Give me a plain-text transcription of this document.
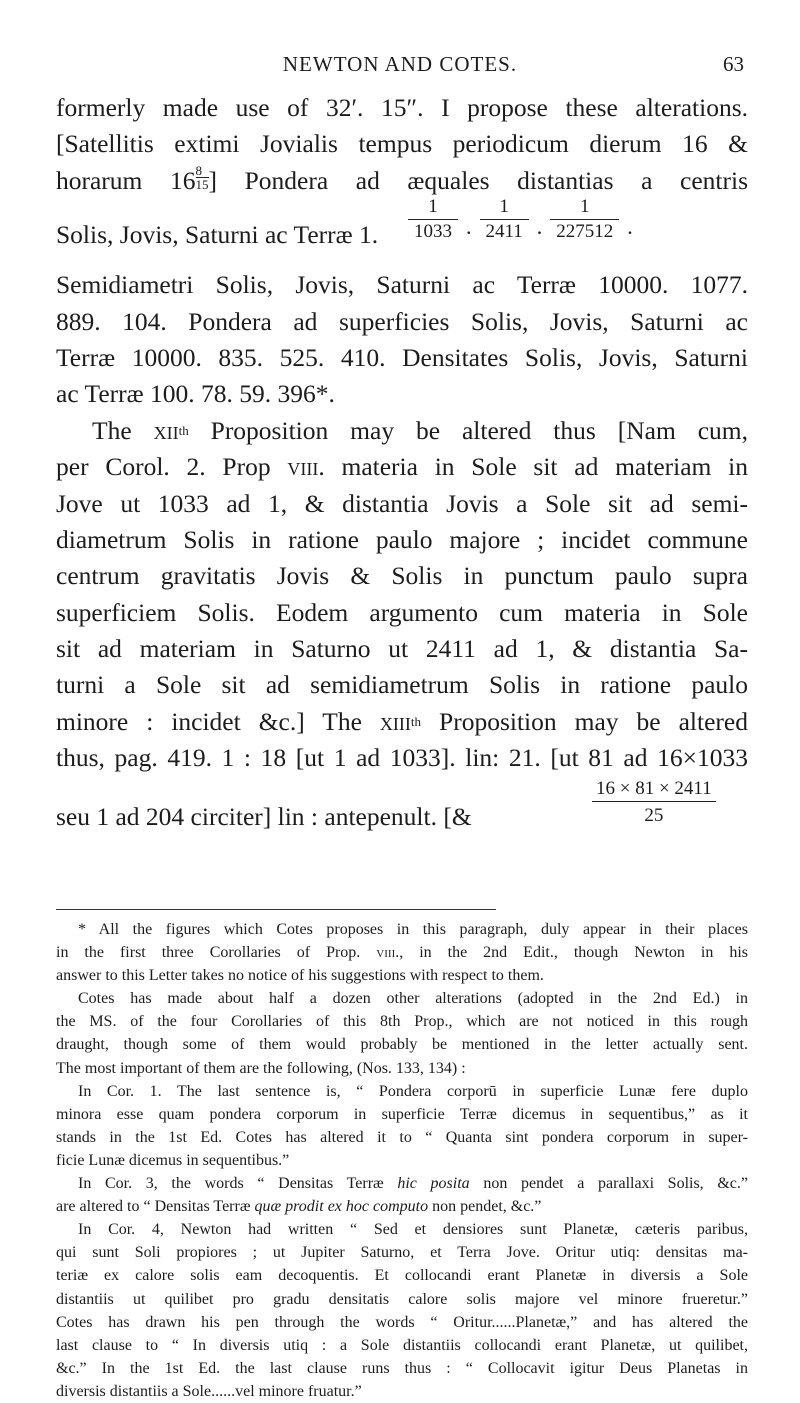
NEWTON AND COTES.	63
formerly made use of 32′. 15″. I propose these alterations.
[Satellitis extimi Jovialis tempus periodicum dierum 16 &
horarum $16 \frac{8}{15}$ ] Pondera ad æquales distantias a centris
Solis, Jovis, Saturni ac Terræ 1. $\frac{1}{1033}$ . $\frac{1}{2411}$ . $\frac{1}{227512}$ .
Semidiametri Solis, Jovis, Saturni ac Terræ 10000. 1077.
889. 104. Pondera ad superficies Solis, Jovis, Saturni ac
Terræ 10000. 835. 525. 410. Densitates Solis, Jovis, Saturni
ac Terræ 100. 78. 59. 396*.
The xii$^{th}$ Proposition may be altered thus [Nam cum,
per Corol. 2. Prop viii. materia in Sole sit ad materiam in
Jove ut 1033 ad 1, & distantia Jovis a Sole sit ad semi-
diametrum Solis in ratione paulo majore ; incidet commune
centrum gravitatis Jovis & Solis in punctum paulo supra
superficiem Solis. Eodem argumento cum materia in Sole
sit ad materiam in Saturno ut 2411 ad 1, & distantia Sa-
turni a Sole sit ad semidiametrum Solis in ratione paulo
minore : incidet &c.] The xiii$^{th}$ Proposition may be altered
thus, pag. 419. 1 : 18 [ut 1 ad 1033]. lin: 21. [ut 81 ad 16×1033
seu 1 ad 204 circiter] lin : antepenult. [&	$\frac{16 \times 81 \times 2411}{25}$
* All the figures which Cotes proposes in this paragraph, duly appear in their places
in the first three Corollaries of Prop. viii., in the 2nd Edit., though Newton in his
answer to this Letter takes no notice of his suggestions with respect to them.
Cotes has made about half a dozen other alterations (adopted in the 2nd Ed.) in
the MS. of the four Corollaries of this 8th Prop., which are not noticed in this rough
draught, though some of them would probably be mentioned in the letter actually sent.
The most important of them are the following, (Nos. 133, 134) :
In Cor. 1. The last sentence is, “ Pondera corporū in superficie Lunæ fere duplo
minora esse quam pondera corporum in superficie Terræ dicemus in sequentibus,” as it
stands in the 1st Ed. Cotes has altered it to “ Quanta sint pondera corporum in super-
ficie Lunæ dicemus in sequentibus.”
In Cor. 3, the words “ Densitas Terræ hic posita non pendet a parallaxi Solis, &c.”
are altered to “ Densitas Terræ quæ prodit ex hoc computo non pendet, &c.”
In Cor. 4, Newton had written “ Sed et densiores sunt Planetæ, cæteris paribus,
qui sunt Soli propiores ; ut Jupiter Saturno, et Terra Jove. Oritur utiq: densitas ma-
teriæ ex calore solis eam decoquentis. Et collocandi erant Planetæ in diversis a Sole
distantiis ut quilibet pro gradu densitatis calore solis majore vel minore frueretur.”
Cotes has drawn his pen through the words “ Oritur......Planetæ,” and has altered the
last clause to “ In diversis utiq : a Sole distantiis collocandi erant Planetæ, ut quilibet,
&c.” In the 1st Ed. the last clause runs thus : “ Collocavit igitur Deus Planetas in
diversis distantiis a Sole......vel minore fruatur.”
